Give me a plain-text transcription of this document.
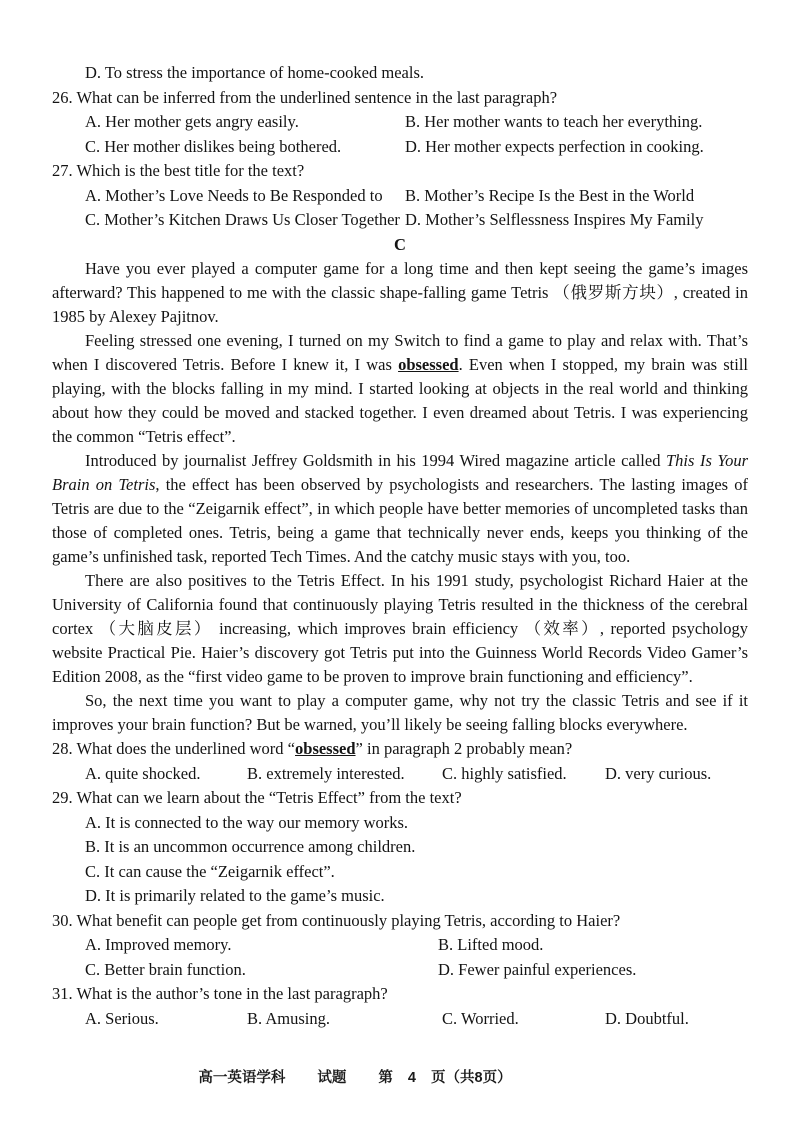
D. To stress the importance of home-cooked meals.
26. What can be inferred from the underlined sentence in the last paragraph?
A. Her mother gets angry easily.	B. Her mother wants to teach her everything.
C. Her mother dislikes being bothered.	D. Her mother expects perfection in cooking.
27. Which is the best title for the text?
A. Mother’s Love Needs to Be Responded to B. Mother’s Recipe Is the Best in the World
C. Mother’s Kitchen Draws Us Closer Together D. Mother’s Selflessness Inspires My Family
C

Have you ever played a computer game for a long time and then kept seeing the game’s images afterward? This happened to me with the classic shape-falling game Tetris （俄罗斯方块）, created in 1985 by Alexey Pajitnov.

Feeling stressed one evening, I turned on my Switch to find a game to play and relax with. That’s when I discovered Tetris. Before I knew it, I was obsessed. Even when I stopped, my brain was still playing, with the blocks falling in my mind. I started looking at objects in the real world and thinking about how they could be moved and stacked together. I even dreamed about Tetris. I was experiencing the common “Tetris effect”.

Introduced by journalist Jeffrey Goldsmith in his 1994 Wired magazine article called This Is Your Brain on Tetris, the effect has been observed by psychologists and researchers. The lasting images of Tetris are due to the “Zeigarnik effect”, in which people have better memories of uncompleted tasks than those of completed ones. Tetris, being a game that technically never ends, keeps you thinking of the game’s unfinished task, reported Tech Times. And the catchy music stays with you, too.

There are also positives to the Tetris Effect. In his 1991 study, psychologist Richard Haier at the University of California found that continuously playing Tetris resulted in the thickness of the cerebral cortex （大脑皮层） increasing, which improves brain efficiency （效率）, reported psychology website Practical Pie. Haier’s discovery got Tetris put into the Guinness World Records Video Gamer’s Edition 2008, as the “first video game to be proven to improve brain functioning and efficiency”.

So, the next time you want to play a computer game, why not try the classic Tetris and see if it improves your brain function? But be warned, you’ll likely be seeing falling blocks everywhere.

28. What does the underlined word “obsessed” in paragraph 2 probably mean?
A. quite shocked.	B. extremely interested. C. highly satisfied. D. very curious.
29. What can we learn about the “Tetris Effect” from the text?
A. It is connected to the way our memory works.
B. It is an uncommon occurrence among children.
C. It can cause the “Zeigarnik effect”.
D. It is primarily related to the game’s music.
30. What benefit can people get from continuously playing Tetris, according to Haier?
A. Improved memory.	B. Lifted mood.
C. Better brain function.	D. Fewer painful experiences.
31. What is the author’s tone in the last paragraph?
A. Serious.	B. Amusing.	C. Worried.	D. Doubtful.
高一英语学科 试题 第 4 页（共8页）
